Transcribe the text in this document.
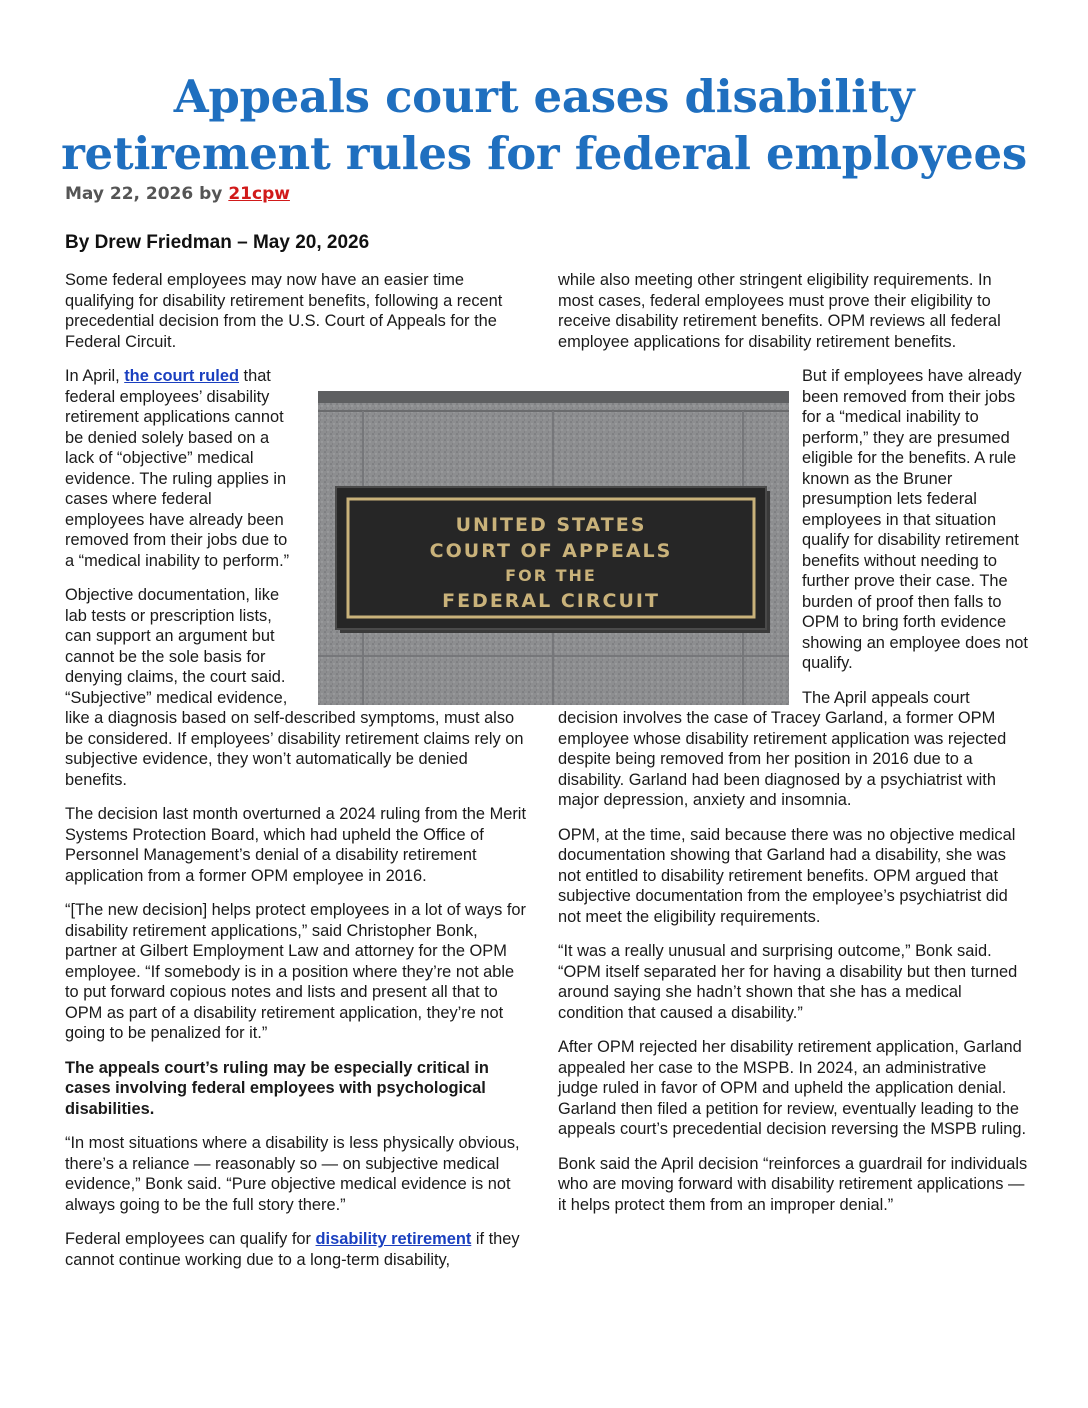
Appeals court eases disability retirement rules for federal employees
May 22, 2026 by 21cpw
By Drew Friedman – May 20, 2026

Some federal employees may now have an easier time qualifying for disability retirement benefits, following a recent precedential decision from the U.S. Court of Appeals for the Federal Circuit.

In April, the court ruled
that federal employees’ disability retirement applications cannot be denied solely based on a lack of “objective” medical evidence. The ruling applies in cases where federal employees have already been removed from their jobs due to a “medical inability to perform.”

Objective documentation, like lab tests or prescription lists, can support an argument but cannot be the sole basis for denying claims, the court said. “Subjective” medical evidence, like a diagnosis based on self-described symptoms, must also be considered. If employees’ disability retirement claims rely on subjective evidence, they won’t automatically be denied benefits.

The decision last month overturned a 2024 ruling from the Merit Systems Protection Board, which had upheld the Office of Personnel Management’s denial of a disability retirement application from a former OPM employee in 2016.

“[The new decision] helps protect employees in a lot of ways for disability retirement applications,” said Christopher Bonk, partner at Gilbert Employment Law and attorney for the OPM employee. “If somebody is in a position where they’re not able to put forward copious notes and lists and present all that to OPM as part of a disability retirement application, they’re not going to be penalized for it.”

The appeals court’s ruling may be especially critical in cases involving federal employees with psychological disabilities.

“In most situations where a disability is less physically obvious, there’s a reliance — reasonably so — on subjective medical evidence,” Bonk said. “Pure objective medical evidence is not always going to be the full story there.”

Federal employees can qualify for disability retirement if they cannot continue working due to a long-term disability,

while also meeting other stringent eligibility requirements. In most cases, federal employees must prove their eligibility to receive disability retirement benefits. OPM reviews all federal employee applications for disability retirement benefits.

But if employees have already been removed from their jobs for a “medical inability to perform,” they are presumed eligible for the benefits. A rule known as the Bruner presumption lets federal employees in that situation qualify for disability retirement benefits without needing to further prove their case. The burden of proof then falls to OPM to bring forth evidence showing an employee does not qualify.

The April appeals court decision involves the case of Tracey Garland, a former OPM employee whose disability retirement application was rejected despite being removed from her position in 2016 due to a disability. Garland had been diagnosed by a psychiatrist with major depression, anxiety and insomnia.

OPM, at the time, said because there was no objective medical documentation showing that Garland had a disability, she was not entitled to disability retirement benefits. OPM argued that subjective documentation from the employee’s psychiatrist did not meet the eligibility requirements.

“It was a really unusual and surprising outcome,” Bonk said. “OPM itself separated her for having a disability but then turned around saying she hadn’t shown that she has a medical condition that caused a disability.”

After OPM rejected her disability retirement application, Garland appealed her case to the MSPB. In 2024, an administrative judge ruled in favor of OPM and upheld the application denial. Garland then filed a petition for review, eventually leading to the appeals court’s precedential decision reversing the MSPB ruling.

Bonk said the April decision “reinforces a guardrail for individuals who are moving forward with disability retirement applications — it helps protect them from an improper denial.”

UNITED STATES
COURT OF APPEALS
FOR THE
FEDERAL CIRCUIT
